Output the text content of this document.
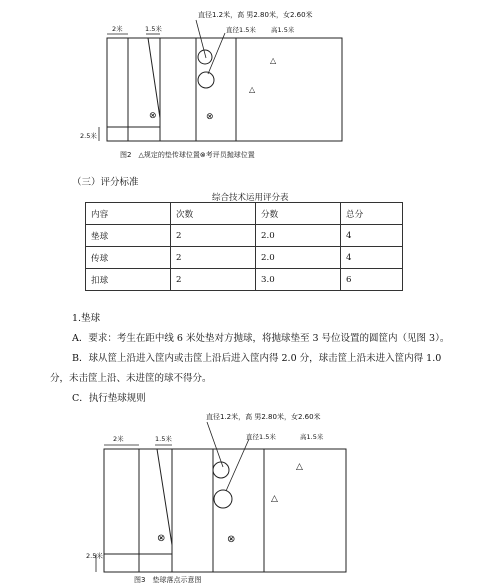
直径1.2米，高 男2.80米，女2.60米
直径1.5米 高1.5米
2米	1.5米
2.5米
⊗	⊗
△
△
图2　△规定的垫传球位置⊗考评员抛球位置
（三）评分标准
综合技术运用评分表
内容	次数	分数	总分
垫球	2	2.0	4
传球	2	2.0	4
扣球	2	3.0	6
1.垫球
A．要求：考生在距中线 6 米处垫对方抛球，将抛球垫至 3 号位设置的圆筐内（见图 3）。
B．球从筐上沿进入筐内或击筐上沿后进入筐内得 2.0 分，球击筐上沿未进入筐内得 1.0
分，未击筐上沿、未进筐的球不得分。
C．执行垫球规则
直径1.2米，高 男2.80米，女2.60米
直径1.5米	高1.5米
2米	1.5米
2.5米
⊗	⊗
△
△
图3　垫球落点示意图
